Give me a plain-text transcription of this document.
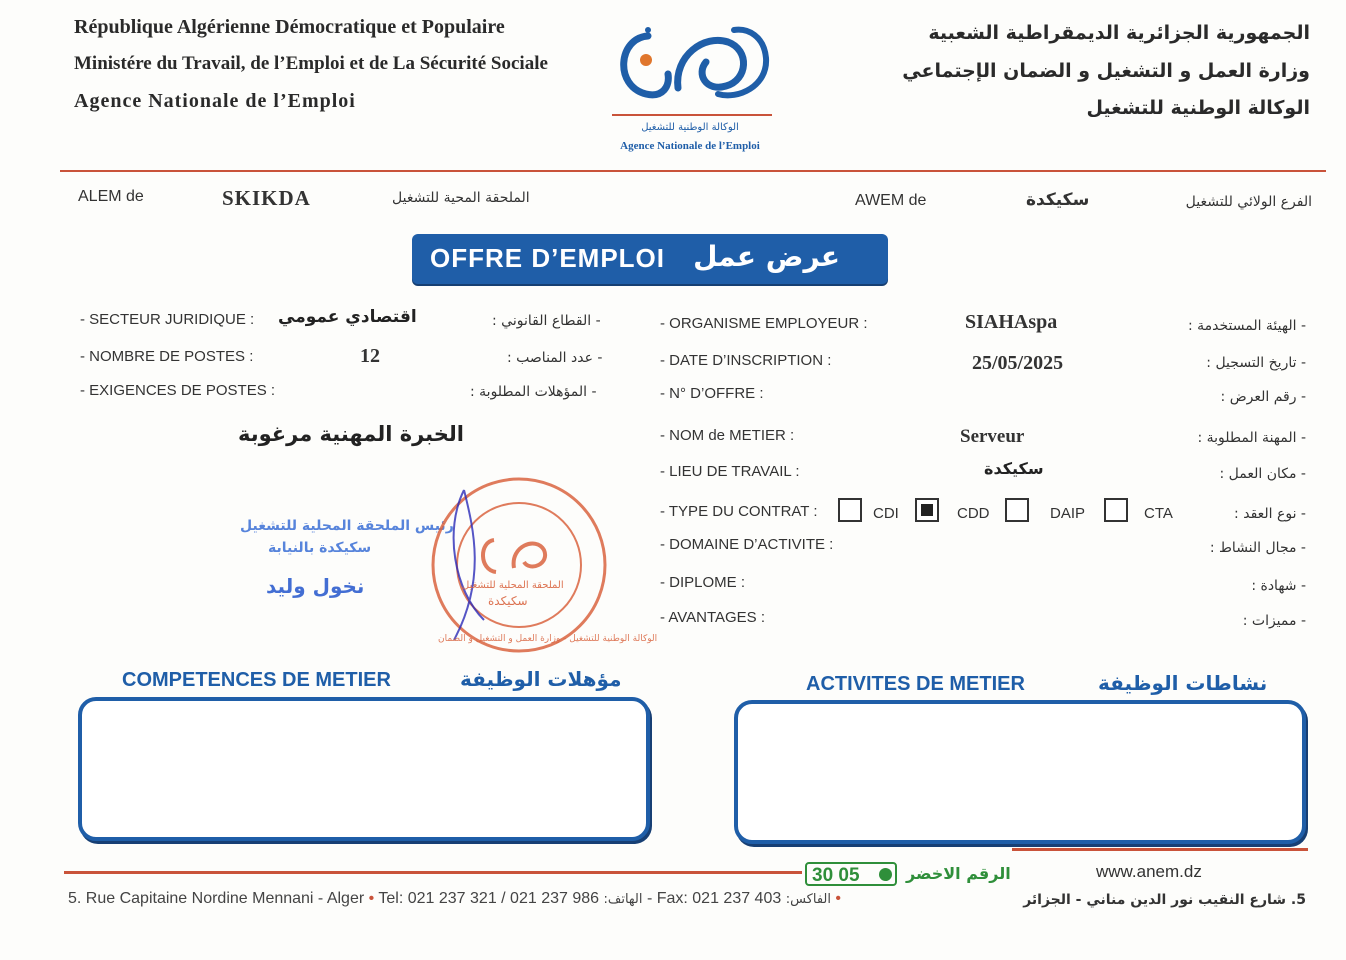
République Algérienne Démocratique et Populaire
Ministére du Travail, de l’Emploi et de La Sécurité Sociale
Agence Nationale de l’Emploi
الجمهورية الجزائرية الديمقراطية الشعبية
وزارة العمل و التشغيل و الضمان الإجتماعي
الوكالة الوطنية للتشغيل
الوكالة الوطنية للتشغيل
Agence Nationale de l’Emploi
ALEM de	SKIKDA	الملحقة المحية للتشغيل	AWEM de	سكيكدة	الفرع الولائي للتشغيل
OFFRE D’EMPLOI عرض عمل
- SECTEUR JURIDIQUE : اقتصادي عمومي	- القطاع القانوني :
- NOMBRE DE POSTES :	12	- عدد المناصب :
- EXIGENCES DE POSTES :	- المؤهلات المطلوبة :
الخبرة المهنية مرغوبة
رئيس الملحقة المحلية للتشغيل
سكيكدة بالنيابة
نخول وليد	الملحقة المحلية للتشغيل
سكيكدة
الوكالة الوطنية للتشغيل - وزارة العمل و التشغيل و الضمان
- ORGANISME EMPLOYEUR :	SIAHAspa	- الهيئة المستخدمة :
- DATE D’INSCRIPTION :	25/05/2025	- تاريخ التسجيل :
- N° D’OFFRE :	- رقم العرض :
- NOM de METIER :	Serveur	- المهنة المطلوبة :
- LIEU DE TRAVAIL :	سكيكدة	- مكان العمل :
- TYPE DU CONTRAT :	CDI	CDD	DAIP	CTA	- نوع العقد :
- DOMAINE D’ACTIVITE :	- مجال النشاط :
- DIPLOME :	- شهادة :
- AVANTAGES :	- مميزات :
COMPETENCES DE METIER	مؤهلات الوظيفة	ACTIVITES DE METIER	نشاطات الوظيفة
30 05	الرقم الاخضر	www.anem.dz
5. Rue Capitaine Nordine Mennani - Alger • Tel: 021 237 321 / 021 237 986 :الهاتف - Fax: 021 237 403 :الفاكس •	5. شارع النقيب نور الدين مناني - الجزائر
